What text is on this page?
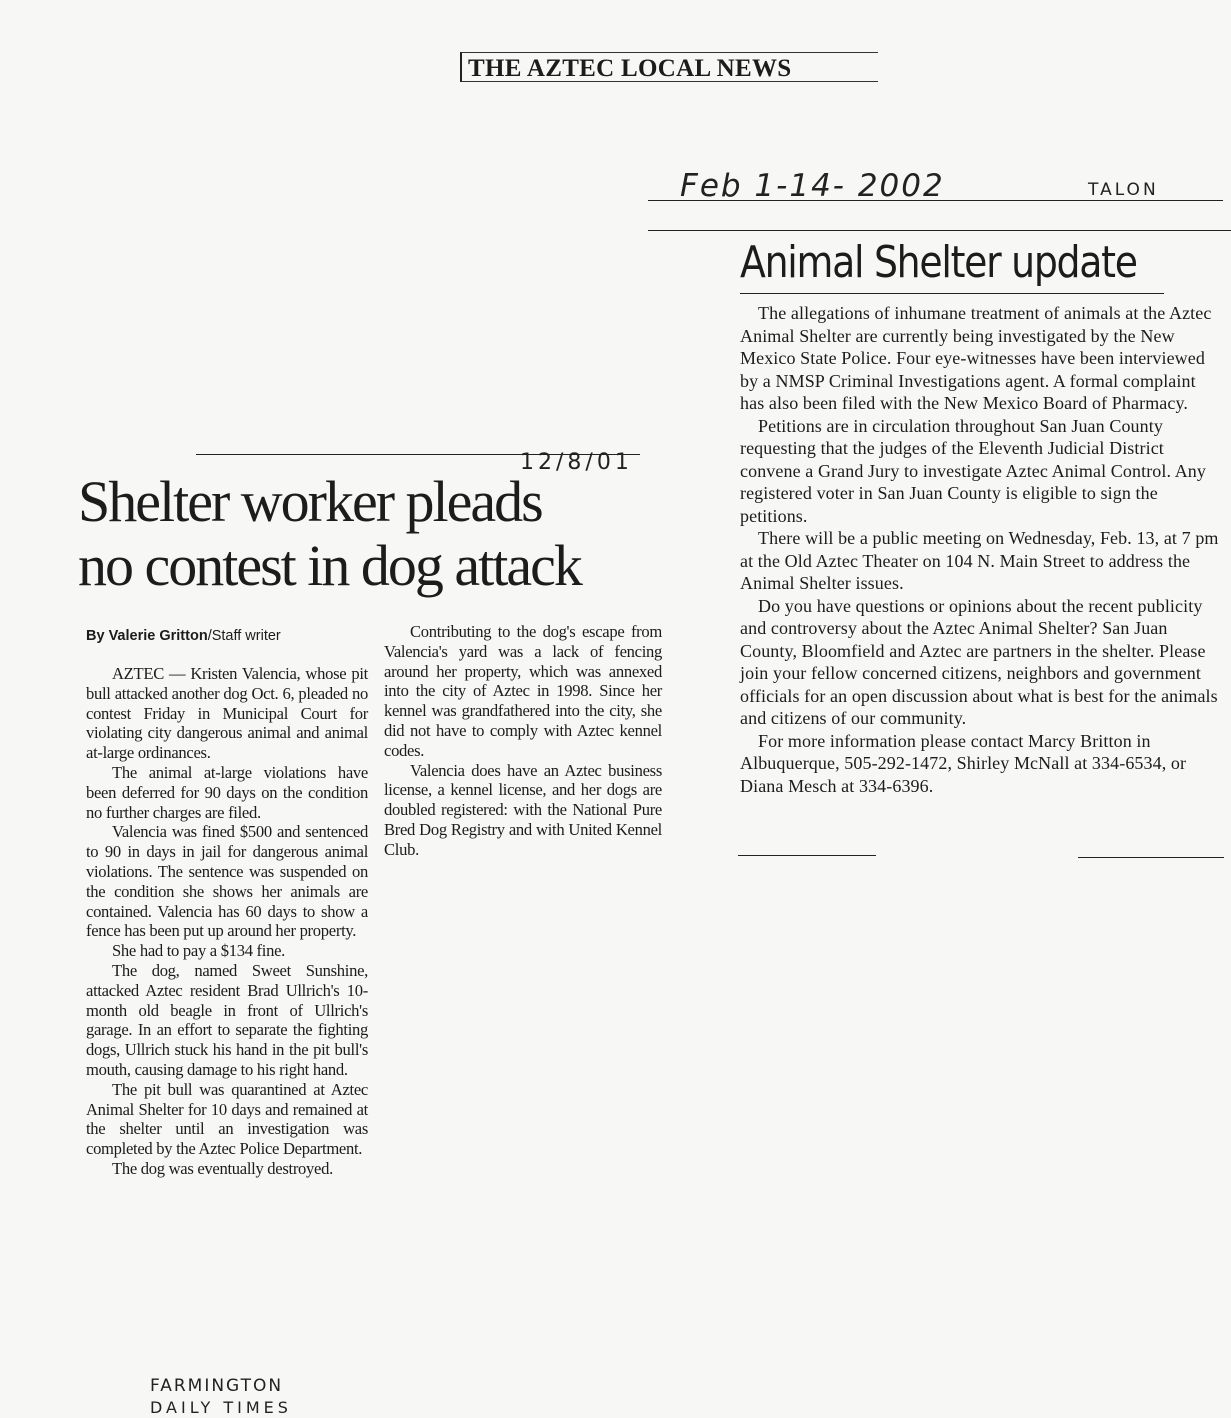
THE AZTEC LOCAL NEWS
Feb 1-14- 2002	TALON
Animal Shelter update

The allegations of inhumane treatment of animals at the Aztec Animal Shelter are currently being investigated by the New Mexico State Police. Four eye-witnesses have been interviewed by a NMSP Criminal Investigations agent. A formal complaint has also been filed with the New Mexico Board of Pharmacy.

Petitions are in circulation throughout San Juan County requesting that the judges of the Eleventh Judicial District convene a Grand Jury to investigate Aztec Animal Control. Any registered voter in San Juan County is eligible to sign the petitions.

There will be a public meeting on Wednesday, Feb. 13, at 7 pm at the Old Aztec Theater on 104 N. Main Street to address the Animal Shelter issues.

Do you have questions or opinions about the recent publicity and controversy about the Aztec Animal Shelter? San Juan County, Bloomfield and Aztec are partners in the shelter. Please join your fellow concerned citizens, neighbors and government officials for an open discussion about what is best for the animals and citizens of our community.

For more information please contact Marcy Britton in Albuquerque, 505-292-1472, Shirley McNall at 334-6534, or Diana Mesch at 334-6396.

12/8/01
Shelter worker pleads
no contest in dog attack
By Valerie Gritton/Staff writer

AZTEC — Kristen Valencia, whose pit bull attacked another dog Oct. 6, pleaded no contest Friday in Municipal Court for violating city dangerous animal and animal at-large ordinances.

The animal at-large violations have been deferred for 90 days on the condition no further charges are filed.

Valencia was fined $500 and sentenced to 90 in days in jail for dangerous animal violations. The sentence was suspended on the condition she shows her animals are contained. Valencia has 60 days to show a fence has been put up around her property.

She had to pay a $134 fine.

The dog, named Sweet Sunshine, attacked Aztec resident Brad Ullrich's 10-month old beagle in front of Ullrich's garage. In an effort to separate the fighting dogs, Ullrich stuck his hand in the pit bull's mouth, causing damage to his right hand.

The pit bull was quarantined at Aztec Animal Shelter for 10 days and remained at the shelter until an investigation was completed by the Aztec Police Department.

The dog was eventually destroyed.

Contributing to the dog's escape from Valencia's yard was a lack of fencing around her property, which was annexed into the city of Aztec in 1998. Since her kennel was grandfathered into the city, she did not have to comply with Aztec kennel codes.

Valencia does have an Aztec business license, a kennel license, and her dogs are doubled registered: with the National Pure Bred Dog Registry and with United Kennel Club.

FARMINGTON
DAILY TIMES
